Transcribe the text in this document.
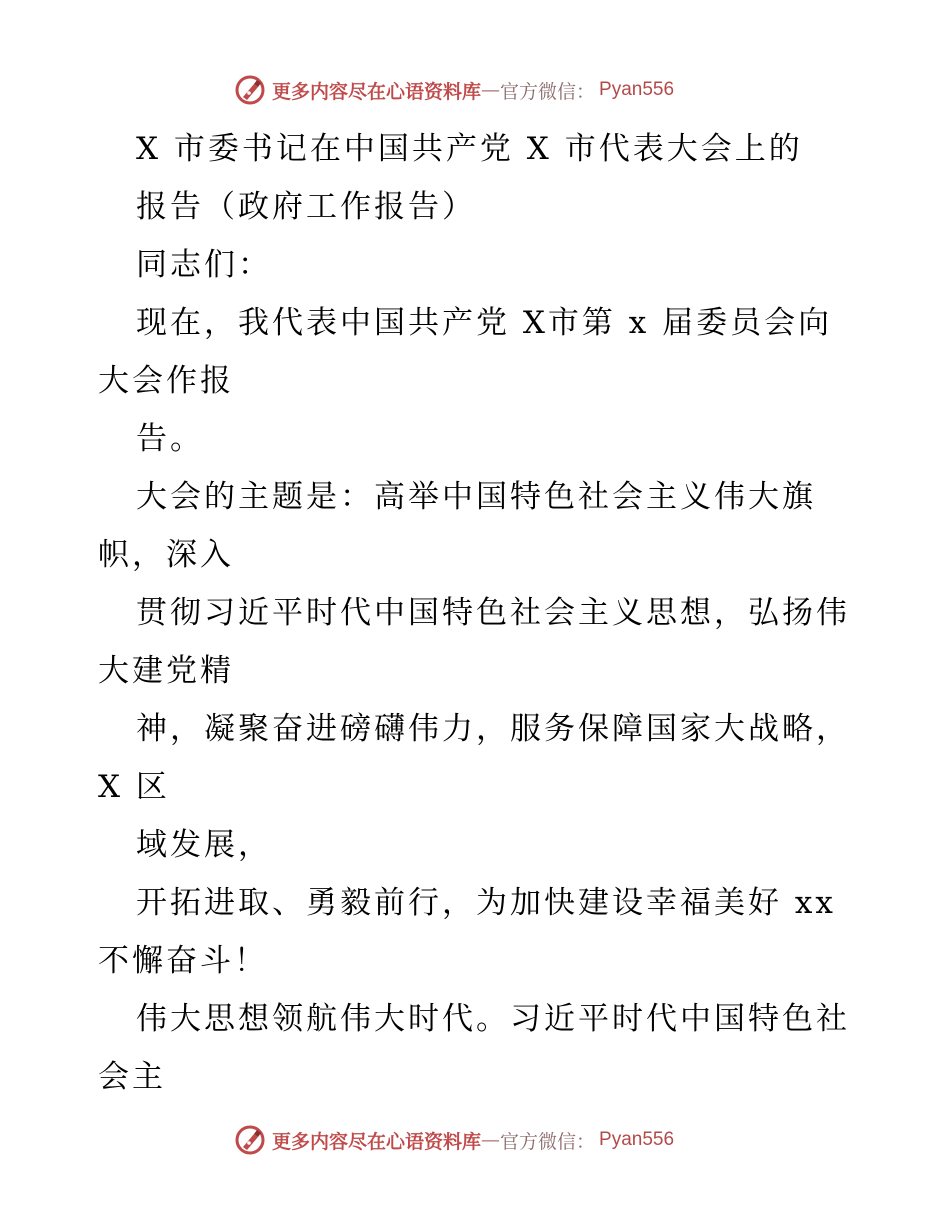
更多内容尽在心语资料库 — 官方微信： Pyan556
X 市委书记在中国共产党 X 市代表大会上的
报告（政府工作报告）
同志们：
现在，我代表中国共产党 X市第 x 届委员会向
大会作报
告。
大会的主题是：高举中国特色社会主义伟大旗
帜，深入
贯彻习近平时代中国特色社会主义思想，弘扬伟
大建党精
神，凝聚奋进磅礴伟力，服务保障国家大战略，
X 区
域发展，
开拓进取、勇毅前行，为加快建设幸福美好 xx
不懈奋斗！
伟大思想领航伟大时代。习近平时代中国特色社
会主
更多内容尽在心语资料库 — 官方微信： Pyan556
